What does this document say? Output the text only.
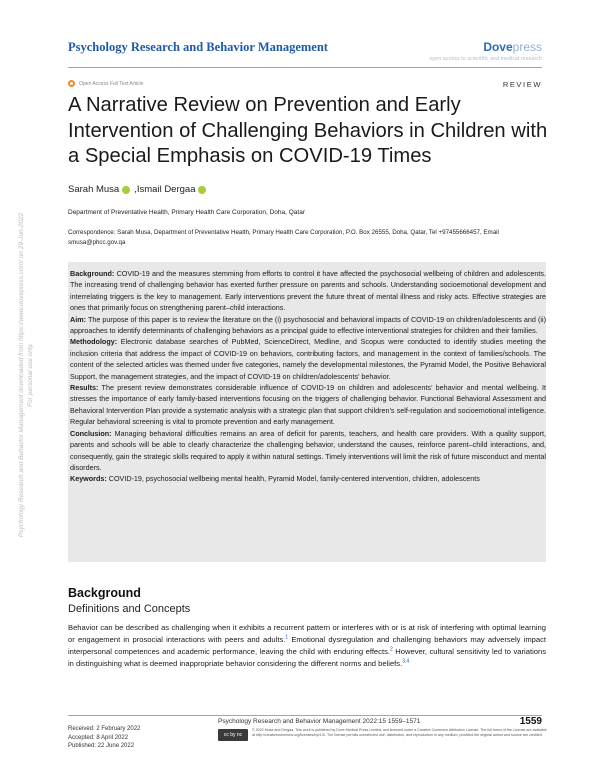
Psychology Research and Behavior Management	Dovepress
open access to scientific and medical research
Open Access Full Text Article	REVIEW
A Narrative Review on Prevention and Early Intervention of Challenging Behaviors in Children with a Special Emphasis on COVID-19 Times
Sarah Musa , Ismail Dergaa
Department of Preventative Health, Primary Health Care Corporation, Doha, Qatar
Correspondence: Sarah Musa, Department of Preventative Health, Primary Health Care Corporation, P.O. Box 26555, Doha, Qatar, Tel +97455666457, Email smusa@phcc.gov.qa

Background: COVID-19 and the measures stemming from efforts to control it have affected the psychosocial wellbeing of children and adolescents. The increasing trend of challenging behavior has exerted further pressure on parents and schools. Understanding socioemotional development and interrelating triggers is the key to management. Early interventions prevent the future threat of mental illness and risky acts. Effective strategies are ones that primarily focus on strengthening parent–child interactions.

Aim: The purpose of this paper is to review the literature on the (i) psychosocial and behavioral impacts of COVID-19 on children/adolescents and (ii) approaches to identify determinants of challenging behaviors as a principal guide to effective interventional strategies for children and their families.

Methodology: Electronic database searches of PubMed, ScienceDirect, Medline, and Scopus were conducted to identify studies meeting the inclusion criteria that address the impact of COVID-19 on behaviors, contributing factors, and management in the context of families/schools. The content of the selected articles was themed under five categories, namely the developmental milestones, the Pyramid Model, the Positive Behavioral Support, the management strategies, and the impact of COVID-19 on children/adolescents’ behavior.

Results: The present review demonstrates considerable influence of COVID-19 on children and adolescents’ behavior and mental wellbeing. It stresses the importance of early family-based interventions focusing on the triggers of challenging behavior. Functional Behavioral Assessment and Behavioral Intervention Plan provide a systematic analysis with a strategic plan that support children’s self-regulation and socioemotional intelligence. Regular behavioral screening is vital to promote prevention and early management.

Conclusion: Managing behavioral difficulties remains an area of deficit for parents, teachers, and health care providers. With a quality support, parents and schools will be able to clearly characterize the challenging behavior, understand the causes, reinforce parent–child interactions, and, consequently, gain the strategic skills required to apply it within natural settings. Timely interventions will limit the risk of future misconduct and mental disorders.

Keywords: COVID-19, psychosocial wellbeing mental health, Pyramid Model, family-centered intervention, children, adolescents

Background
Definitions and Concepts
Behavior can be described as challenging when it exhibits a recurrent pattern or interferes with or is at risk of interfering with optimal learning or engagement in prosocial interactions with peers and adults.$^1$ Emotional dysregulation and challenging behaviors may adversely impact interpersonal competences and academic performance, leaving the child with enduring effects.$^2$ However, cultural sensitivity led to variations in distinguishing what is deemed inappropriate behavior considering the different norms and beliefs.$^{3,4}$
Received: 2 February 2022
Accepted: 8 April 2022
Published: 22 June 2022
Psychology Research and Behavior Management 2022:15 1559–1571	1559
cc by nc
© 2022 Musa and Dergaa. This work is published by Dove Medical Press Limited, and licensed under a Creative Commons Attribution License. The full terms of the License are available at http://creativecommons.org/licenses/by/4.0/. The license permits unrestricted use, distribution, and reproduction in any medium, provided the original author and source are credited.
Psychology Research and Behavior Management downloaded from https://www.dovepress.com/ on 29-Jun-2022 For personal use only.
